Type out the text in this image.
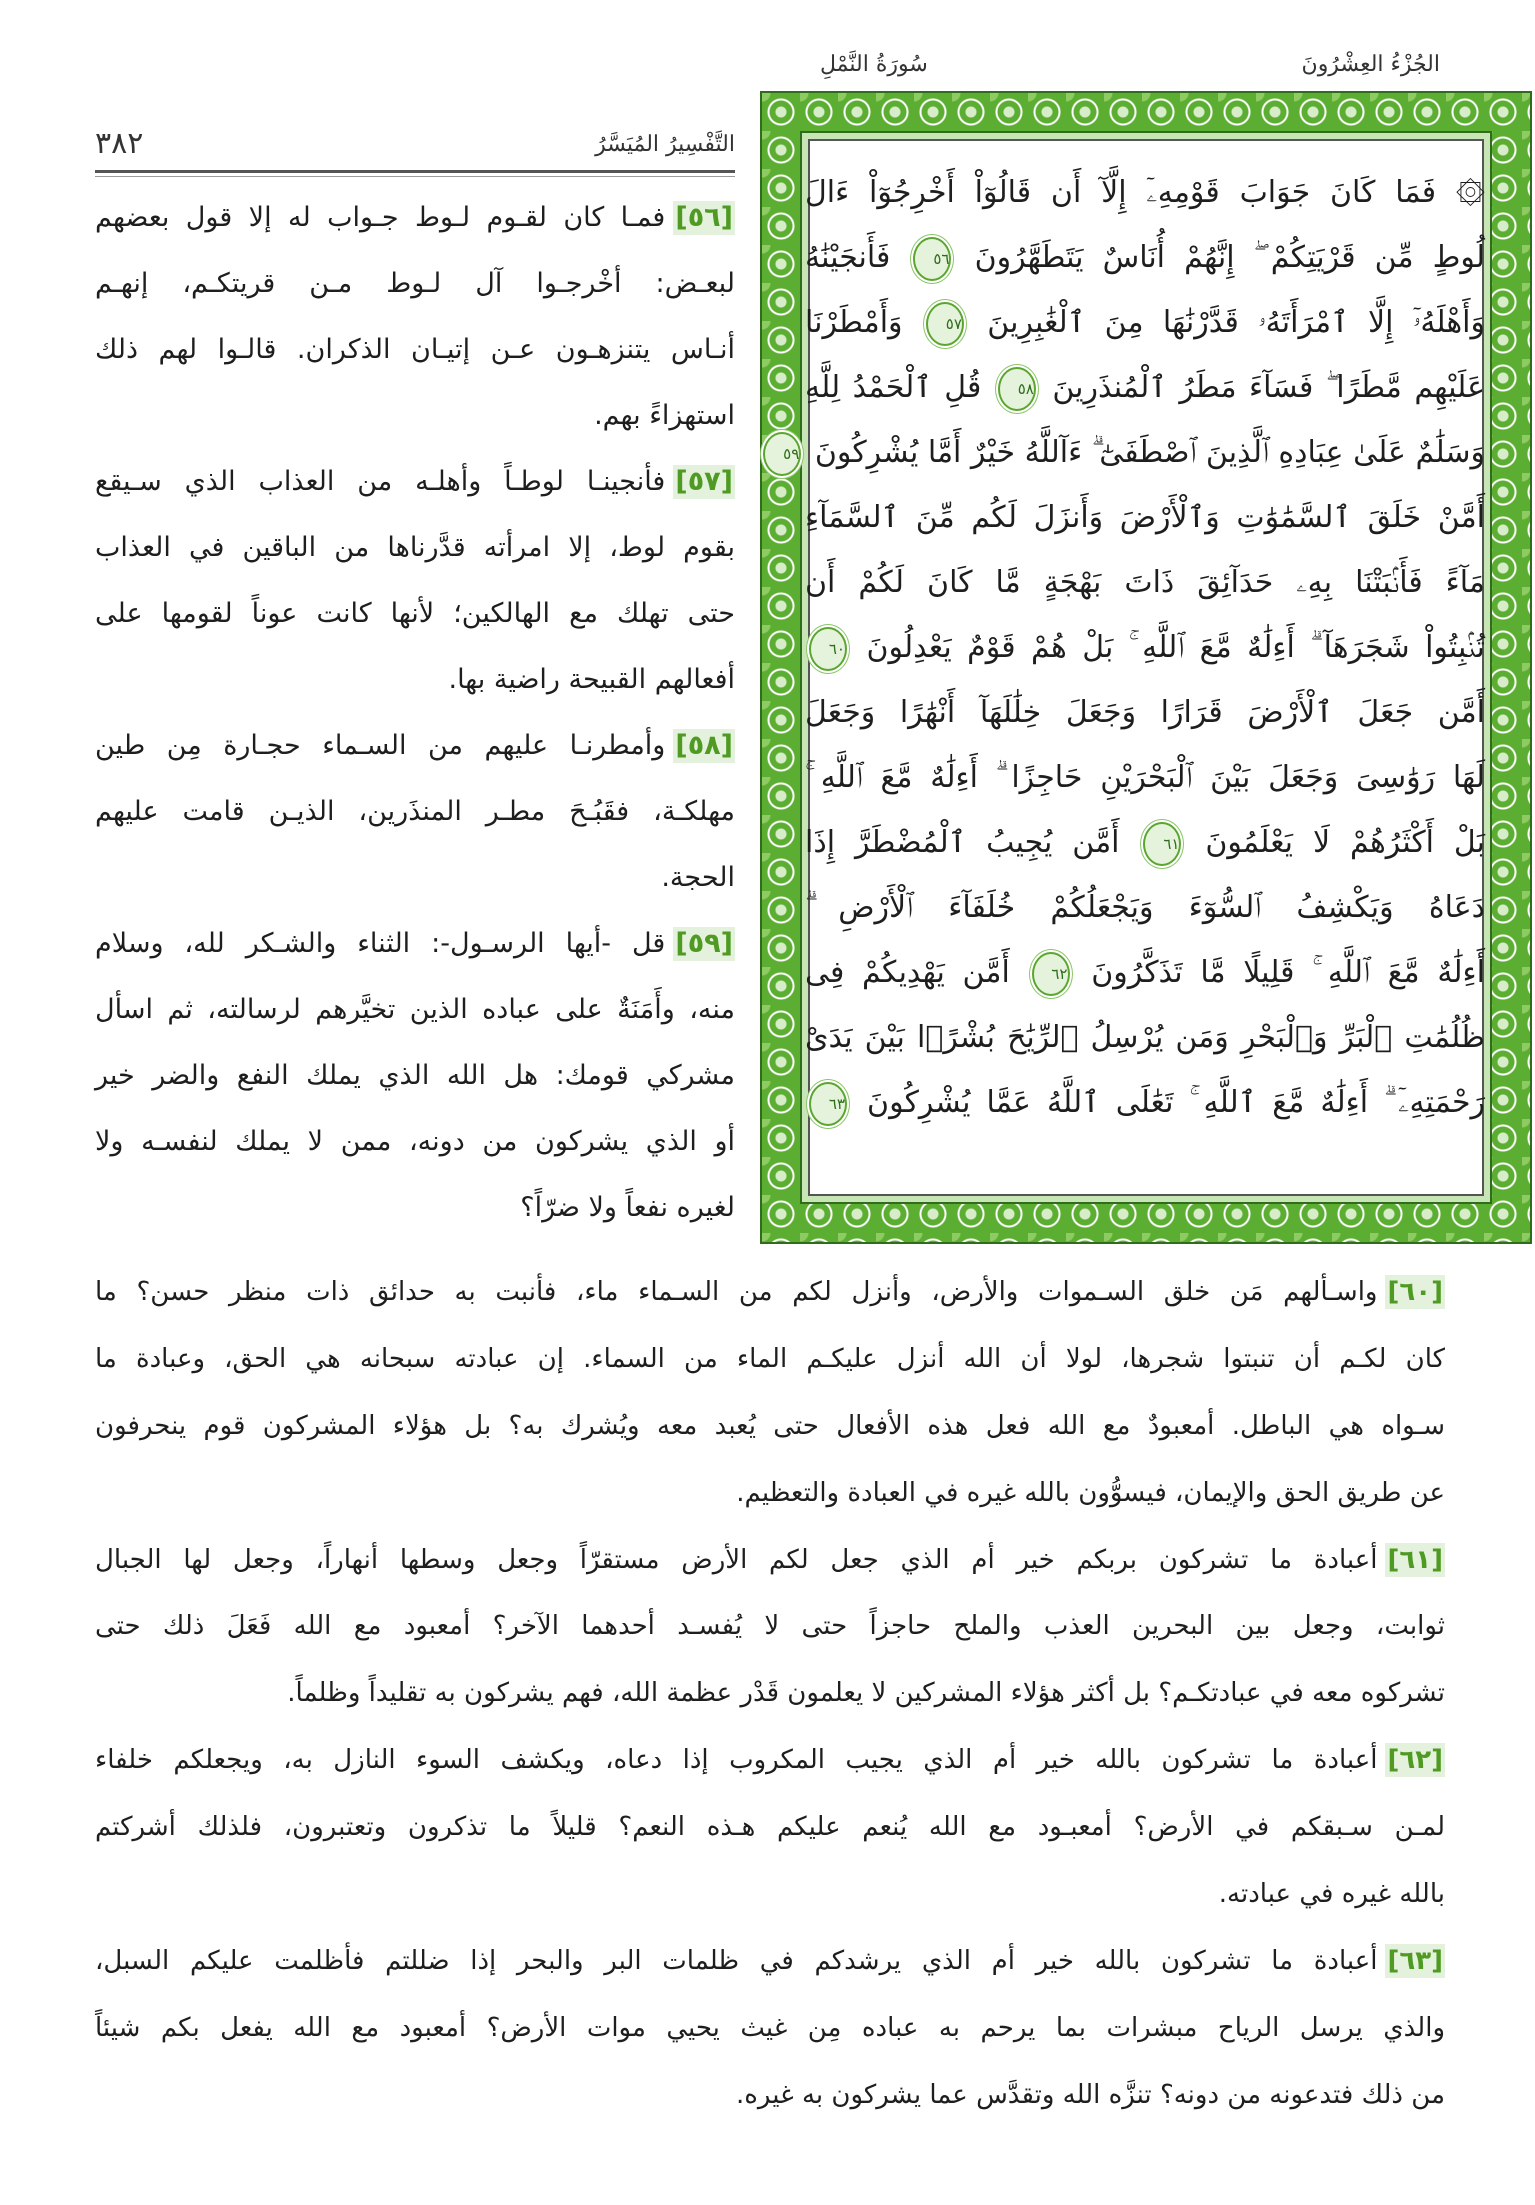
الجُزْءُ العِشْرُونَ
سُورَةُ النَّمْلِ
التَّفْسِيرُ المُيَسَّرُ
٣٨٢
۞ فَمَا كَانَ جَوَابَ قَوْمِهِۦٓ إِلَّآ أَن قَالُوٓاْ أَخْرِجُوٓاْ ءَالَ
لُوطٍ مِّن قَرْيَتِكُمْ ۖ إِنَّهُمْ أُنَاسٌ يَتَطَهَّرُونَ ٥٦ فَأَنجَيْنَٰهُ
وَأَهْلَهُۥٓ إِلَّا ٱمْرَأَتَهُۥ قَدَّرْنَٰهَا مِنَ ٱلْغَٰبِرِينَ ٥٧ وَأَمْطَرْنَا
عَلَيْهِم مَّطَرًا ۖ فَسَآءَ مَطَرُ ٱلْمُنذَرِينَ ٥٨ قُلِ ٱلْحَمْدُ لِلَّهِ
وَسَلَٰمٌ عَلَىٰ عِبَادِهِ ٱلَّذِينَ ٱصْطَفَىٰٓ ۗ ءَآللَّهُ خَيْرٌ أَمَّا يُشْرِكُونَ ٥٩
أَمَّنْ خَلَقَ ٱلسَّمَٰوَٰتِ وَٱلْأَرْضَ وَأَنزَلَ لَكُم مِّنَ ٱلسَّمَآءِ
مَآءً فَأَنۢبَتْنَا بِهِۦ حَدَآئِقَ ذَاتَ بَهْجَةٍ مَّا كَانَ لَكُمْ أَن
تُنۢبِتُواْ شَجَرَهَآ ۗ أَءِلَٰهٌ مَّعَ ٱللَّهِ ۚ بَلْ هُمْ قَوْمٌ يَعْدِلُونَ ٦٠
أَمَّن جَعَلَ ٱلْأَرْضَ قَرَارًا وَجَعَلَ خِلَٰلَهَآ أَنْهَٰرًا وَجَعَلَ
لَهَا رَوَٰسِىَ وَجَعَلَ بَيْنَ ٱلْبَحْرَيْنِ حَاجِزًا ۗ أَءِلَٰهٌ مَّعَ ٱللَّهِ ۚ
بَلْ أَكْثَرُهُمْ لَا يَعْلَمُونَ ٦١ أَمَّن يُجِيبُ ٱلْمُضْطَرَّ إِذَا
دَعَاهُ وَيَكْشِفُ ٱلسُّوٓءَ وَيَجْعَلُكُمْ خُلَفَآءَ ٱلْأَرْضِ ۗ
أَءِلَٰهٌ مَّعَ ٱللَّهِ ۚ قَلِيلًا مَّا تَذَكَّرُونَ ٦٢ أَمَّن يَهْدِيكُمْ فِى
ظُلُمَٰتِ ٱلْبَرِّ وَٱلْبَحْرِ وَمَن يُرْسِلُ ٱلرِّيَٰحَ بُشْرًۢا بَيْنَ يَدَىْ
رَحْمَتِهِۦٓ ۗ أَءِلَٰهٌ مَّعَ ٱللَّهِ ۚ تَعَٰلَى ٱللَّهُ عَمَّا يُشْرِكُونَ ٦٣
[٥٦]فمـا كان لقـوم لـوط جـواب له إلا قول بعضهم
لبعـض: أخْرجـوا آل لـوط مـن قريتكـم، إنهـم
أنـاس يتنزهـون عـن إتيـان الذكران. قالـوا لهم ذلك
استهزاءً بهم.
[٥٧]فأنجينـا لوطـاً وأهلـه من العذاب الذي سـيقع
بقوم لوط، إلا امرأته قدَّرناها من الباقين في العذاب
حتى تهلك مع الهالكين؛ لأنها كانت عوناً لقومها على
أفعالهم القبيحة راضية بها.
[٥٨]وأمطرنـا عليهم من السـماء حجـارة مِن طين
مهلكـة، فقَبُـحَ مطـر المنذَرين، الذيـن قامت عليهم
الحجة.
[٥٩]قل -أيها الرسـول-: الثناء والشـكر لله، وسلام
منه، وأَمَنَةٌ على عباده الذين تخيَّرهم لرسالته، ثم اسأل
مشركي قومك: هل الله الذي يملك النفع والضر خير
أو الذي يشركون من دونه، ممن لا يملك لنفسـه ولا
لغيره نفعاً ولا ضرّاً؟
[٦٠]واسـألهم مَن خلق السـموات والأرض، وأنزل لكم من السـماء ماء، فأنبت به حدائق ذات منظر حسن؟ ما
كان لكـم أن تنبتوا شجرها، لولا أن الله أنزل عليكـم الماء من السماء. إن عبادته سبحانه هي الحق، وعبادة ما
سـواه هي الباطل. أمعبودٌ مع الله فعل هذه الأفعال حتى يُعبد معه ويُشرك به؟ بل هؤلاء المشركون قوم ينحرفون
عن طريق الحق والإيمان، فيسوُّون بالله غيره في العبادة والتعظيم.
[٦١]أعبادة ما تشركون بربكم خير أم الذي جعل لكم الأرض مستقرّاً وجعل وسطها أنهاراً، وجعل لها الجبال
ثوابت، وجعل بين البحرين العذب والملح حاجزاً حتى لا يُفسـد أحدهما الآخر؟ أمعبود مع الله فَعَلَ ذلك حتى
تشركوه معه في عبادتكـم؟ بل أكثر هؤلاء المشركين لا يعلمون قَدْر عظمة الله، فهم يشركون به تقليداً وظلماً.
[٦٢]أعبادة ما تشركون بالله خير أم الذي يجيب المكروب إذا دعاه، ويكشف السوء النازل به، ويجعلكم خلفاء
لمـن سـبقكم في الأرض؟ أمعبـود مع الله يُنعم عليكم هـذه النعم؟ قليلاً ما تذكرون وتعتبرون، فلذلك أشركتم
بالله غيره في عبادته.
[٦٣]أعبادة ما تشركون بالله خير أم الذي يرشدكم في ظلمات البر والبحر إذا ضللتم فأظلمت عليكم السبل،
والذي يرسل الرياح مبشرات بما يرحم به عباده مِن غيث يحيي موات الأرض؟ أمعبود مع الله يفعل بكم شيئاً
من ذلك فتدعونه من دونه؟ تنزَّه الله وتقدَّس عما يشركون به غيره.
